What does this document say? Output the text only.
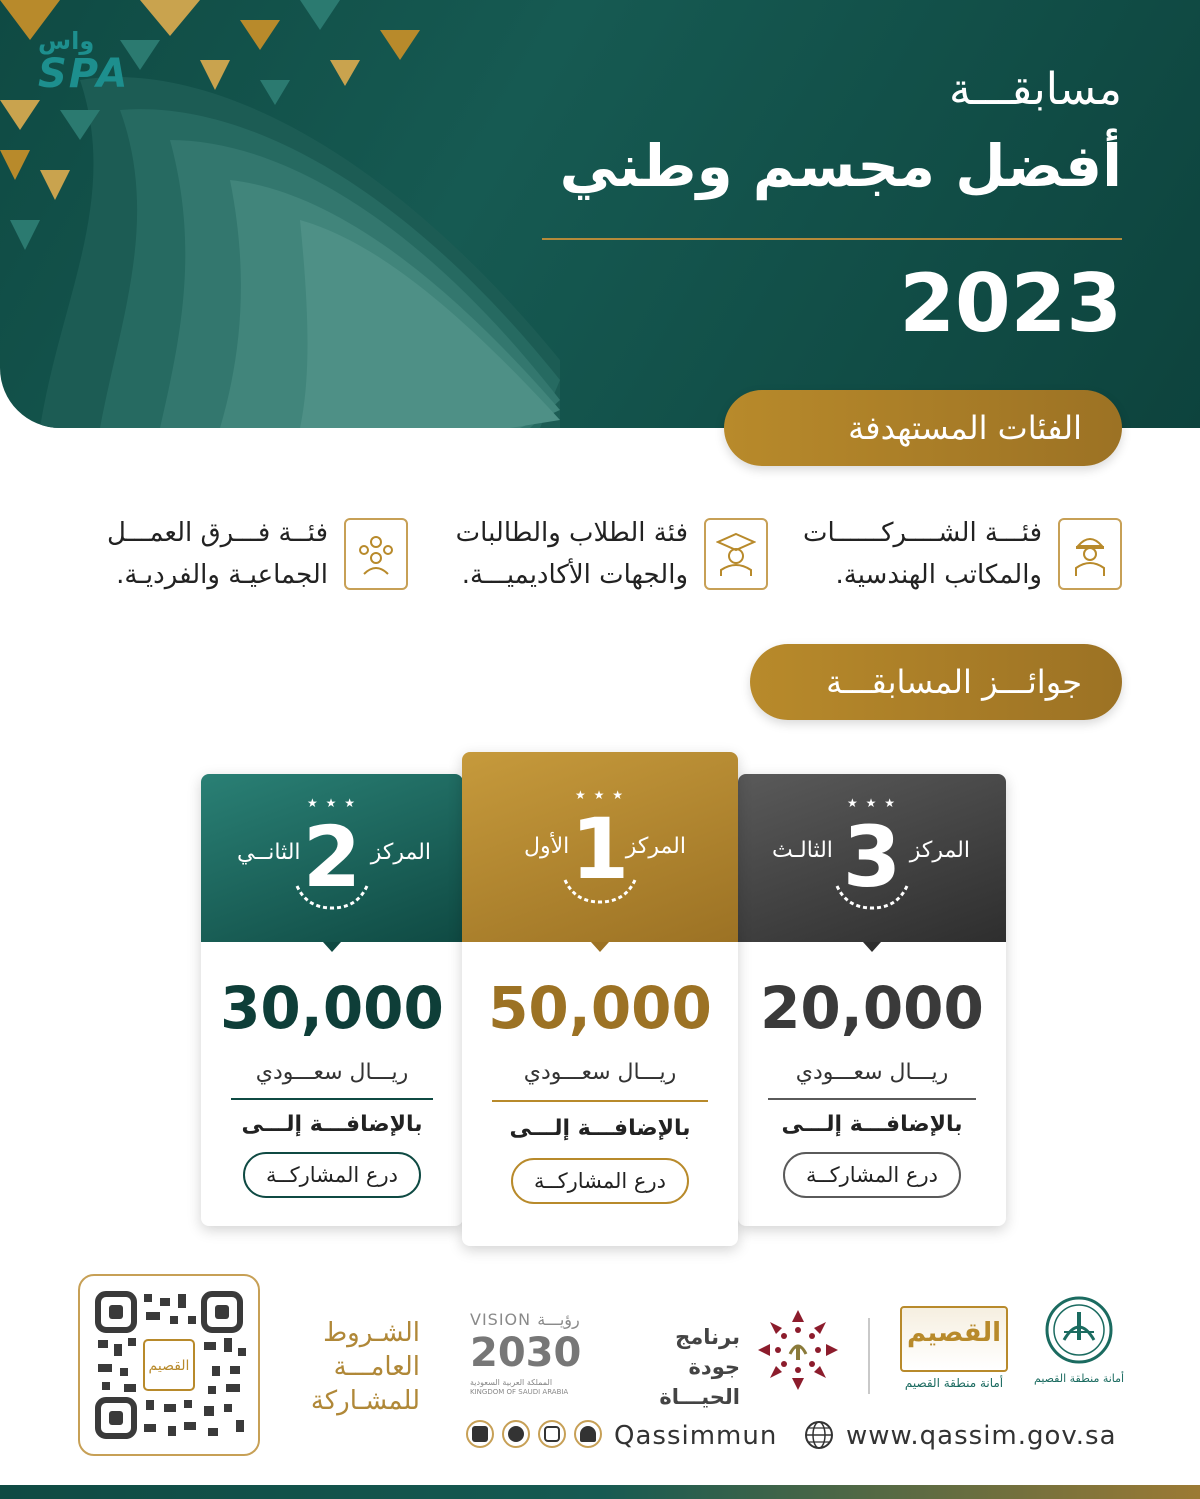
واس
SPA	مسابقـــة
أفضل مجسم وطني
2023
الفئات المستهدفة
فئـــة الشــــركــــــات
والمكاتب الهندسية.
فئة الطلاب والطالبات
والجهات الأكاديميـــة.
فئــة فـــرق العمـــل
الجماعيـة والفرديـة.
جوائـــز المسابقـــة
★ ★ ★
المركز
2
الثانــي
30,000
ريـــال سعـــودي
بالإضافـــة إلـــى
درع المشاركــة
★ ★ ★
المركز
1
الأول
50,000
ريـــال سعـــودي
بالإضافـــة إلـــى
درع المشاركــة
★ ★ ★
المركز
3
الثالـث
20,000
ريـــال سعـــودي
بالإضافـــة إلـــى
درع المشاركــة
القصيم
الشـروط
العامـــة
للمشـاركة
VISION رؤيـــة
2030
المملكة العربية السعودية
KINGDOM OF SAUDI ARABIA
برنامج جودة
الحيـــاة
القصيم
أمانة منطقة القصيم	أمانة منطقة القصيم
Qassimmun	www.qassim.gov.sa
